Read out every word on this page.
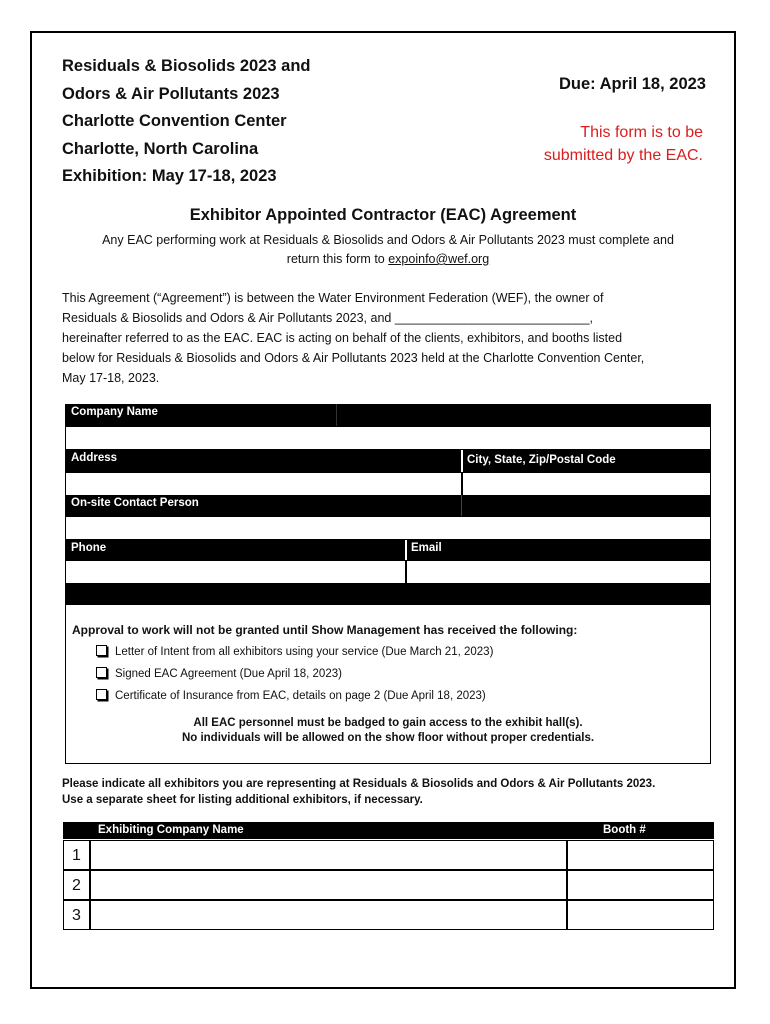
Residuals & Biosolids 2023 and
Odors & Air Pollutants 2023
Charlotte Convention Center
Charlotte, North Carolina
Exhibition: May 17-18, 2023
Due: April 18, 2023
This form is to be
submitted by the EAC.
Exhibitor Appointed Contractor (EAC) Agreement
Any EAC performing work at Residuals & Biosolids and Odors & Air Pollutants 2023 must complete and
return this form to expoinfo@wef.org
This Agreement (“Agreement”) is between the Water Environment Federation (WEF), the owner of
Residuals & Biosolids and Odors & Air Pollutants 2023, and ____________________________,
hereinafter referred to as the EAC. EAC is acting on behalf of the clients, exhibitors, and booths listed
below for Residuals & Biosolids and Odors & Air Pollutants 2023 held at the Charlotte Convention Center,
May 17-18, 2023.
Company Name
Address	City, State, Zip/Postal Code
On-site Contact Person
Phone	Email
Approval to work will not be granted until Show Management has received the following:
Letter of Intent from all exhibitors using your service (Due March 21, 2023)
Signed EAC Agreement (Due April 18, 2023)
Certificate of Insurance from EAC, details on page 2 (Due April 18, 2023)
All EAC personnel must be badged to gain access to the exhibit hall(s).
No individuals will be allowed on the show floor without proper credentials.
Please indicate all exhibitors you are representing at Residuals & Biosolids and Odors & Air Pollutants 2023.
Use a separate sheet for listing additional exhibitors, if necessary.
Exhibiting Company Name	Booth #
1
2
3
